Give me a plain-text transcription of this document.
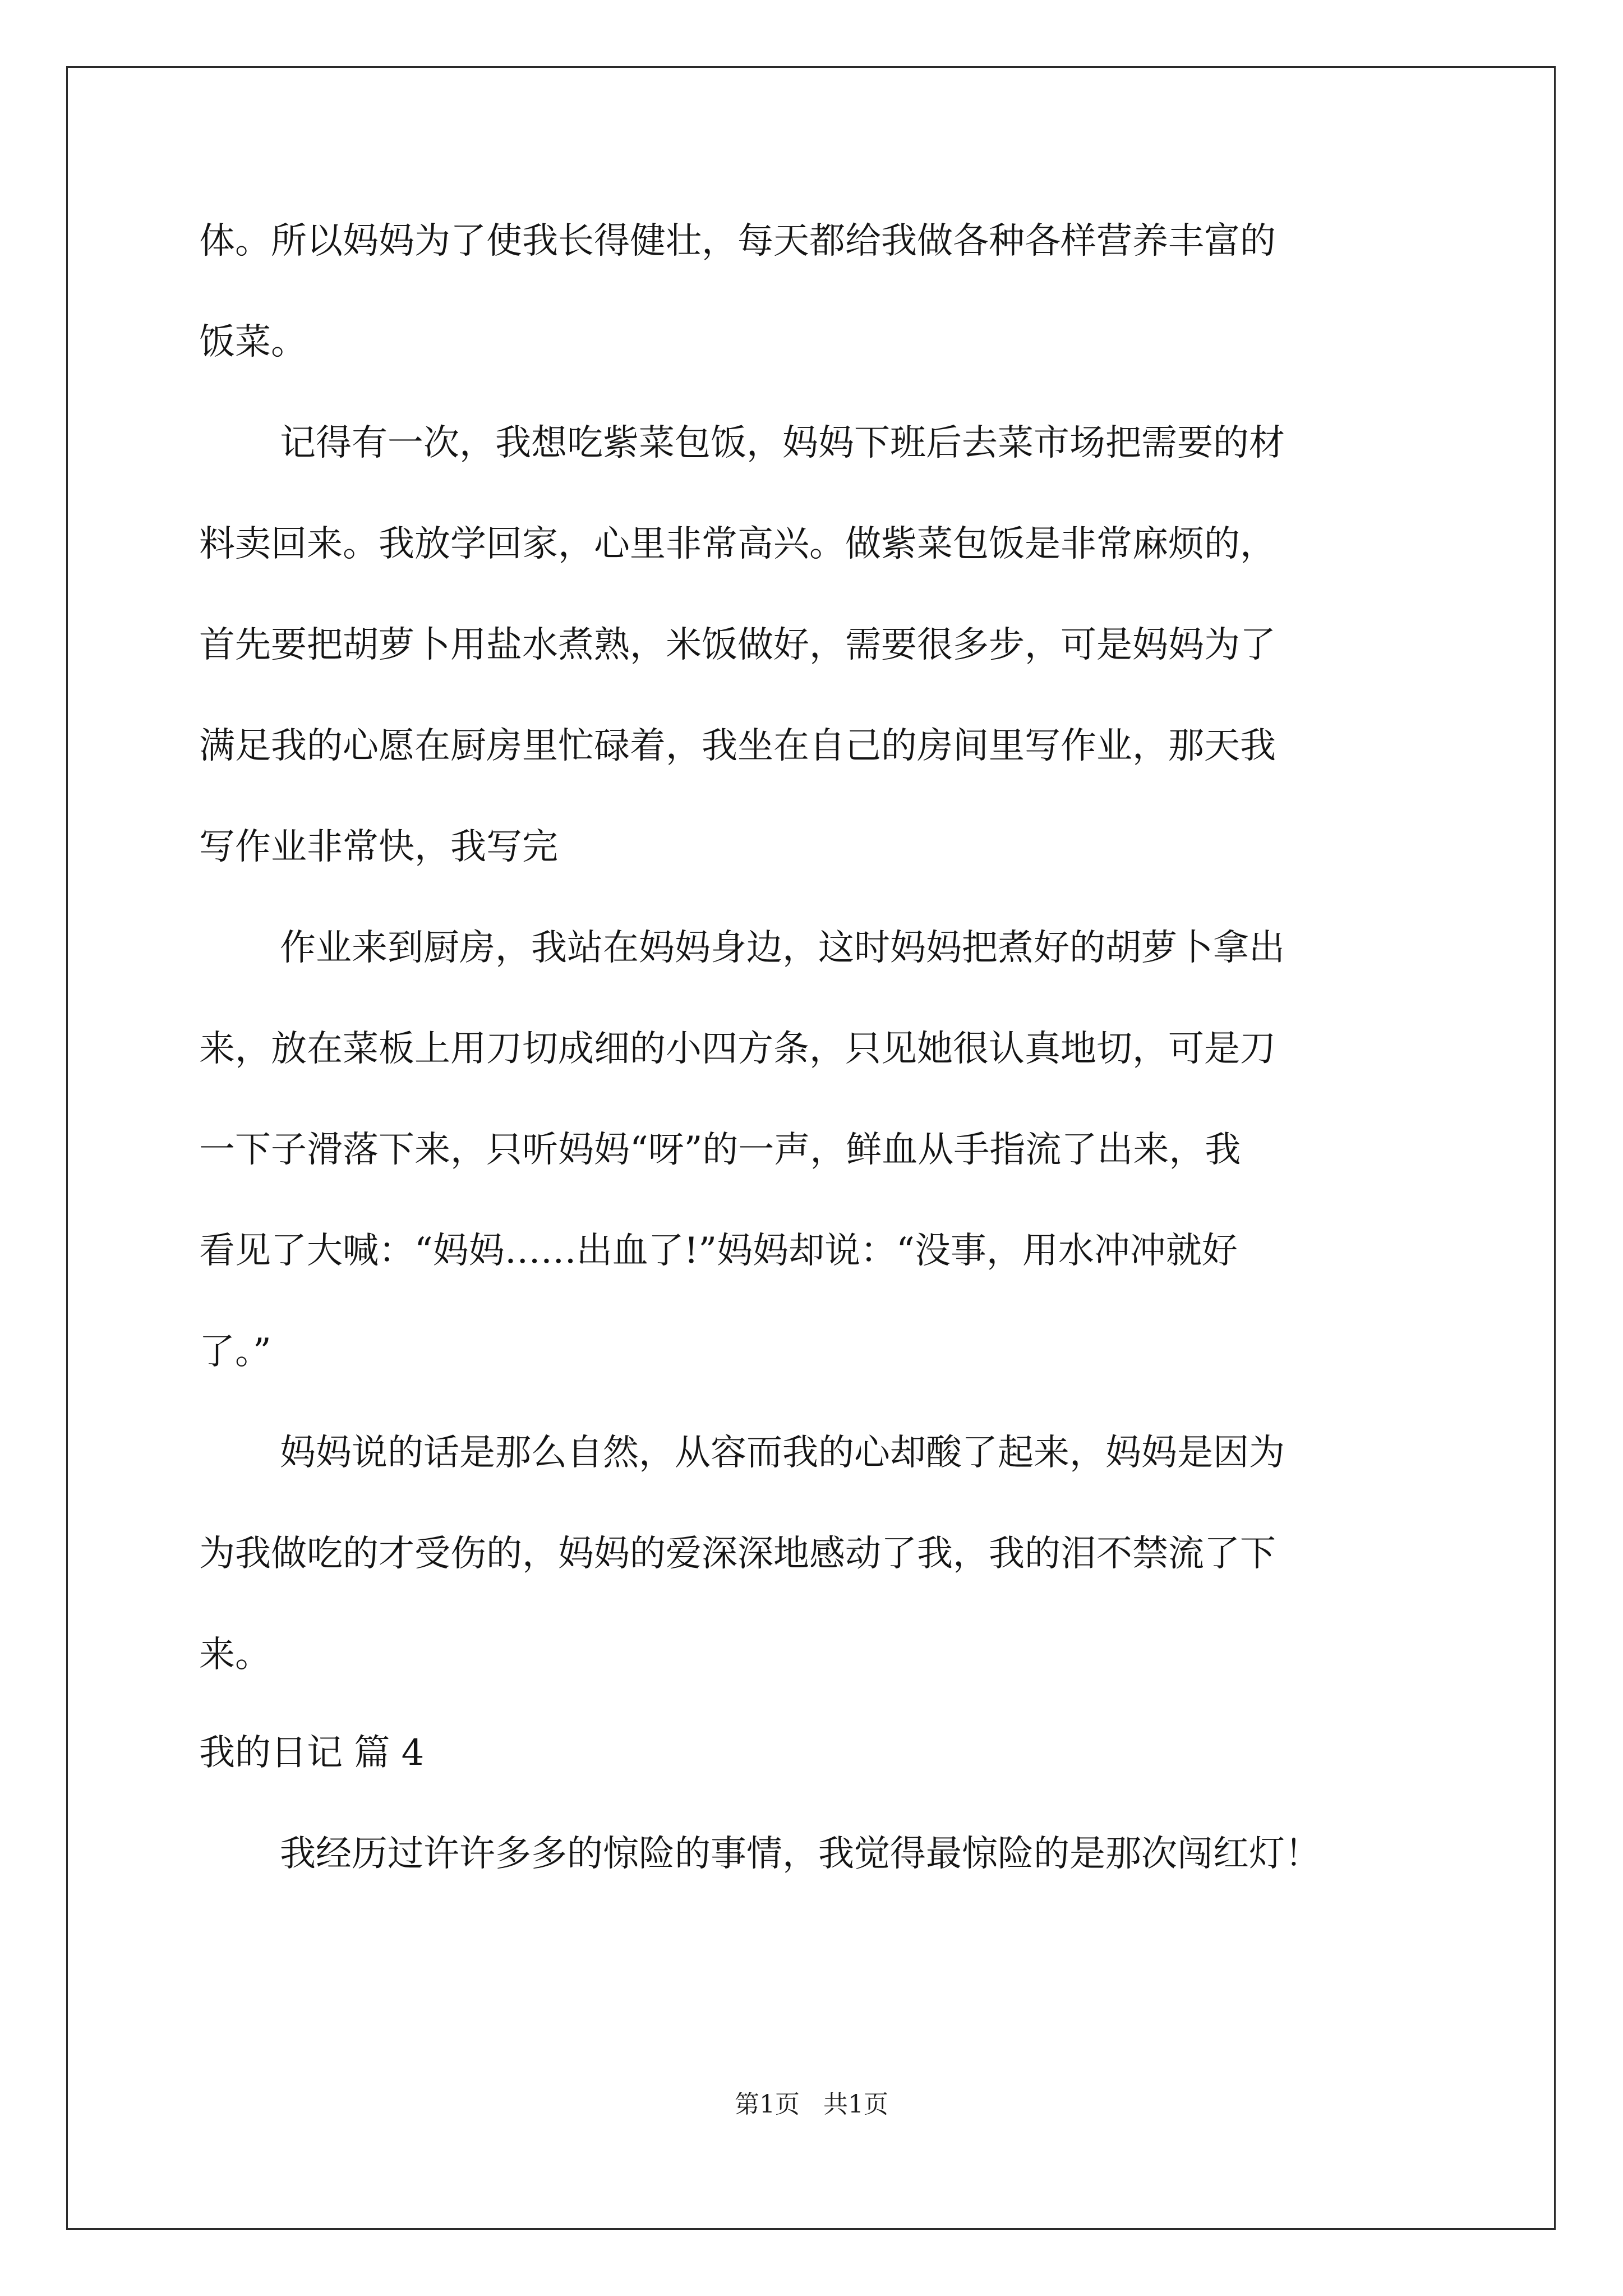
体。所以妈妈为了使我长得健壮，每天都给我做各种各样营养丰富的
饭菜。
记得有一次，我想吃紫菜包饭，妈妈下班后去菜市场把需要的材
料卖回来。我放学回家，心里非常高兴。做紫菜包饭是非常麻烦的，
首先要把胡萝卜用盐水煮熟，米饭做好，需要很多步，可是妈妈为了
满足我的心愿在厨房里忙碌着，我坐在自己的房间里写作业，那天我
写作业非常快，我写完
作业来到厨房，我站在妈妈身边，这时妈妈把煮好的胡萝卜拿出
来，放在菜板上用刀切成细的小四方条，只见她很认真地切，可是刀
一下子滑落下来，只听妈妈“呀”的一声，鲜血从手指流了出来，我
看见了大喊：“妈妈……出血了!”妈妈却说：“没事，用水冲冲就好
了。”
妈妈说的话是那么自然，从容而我的心却酸了起来，妈妈是因为
为我做吃的才受伤的，妈妈的爱深深地感动了我，我的泪不禁流了下
来。
我的日记 篇 4
我经历过许许多多的惊险的事情，我觉得最惊险的是那次闯红灯！
第1页   共1页
